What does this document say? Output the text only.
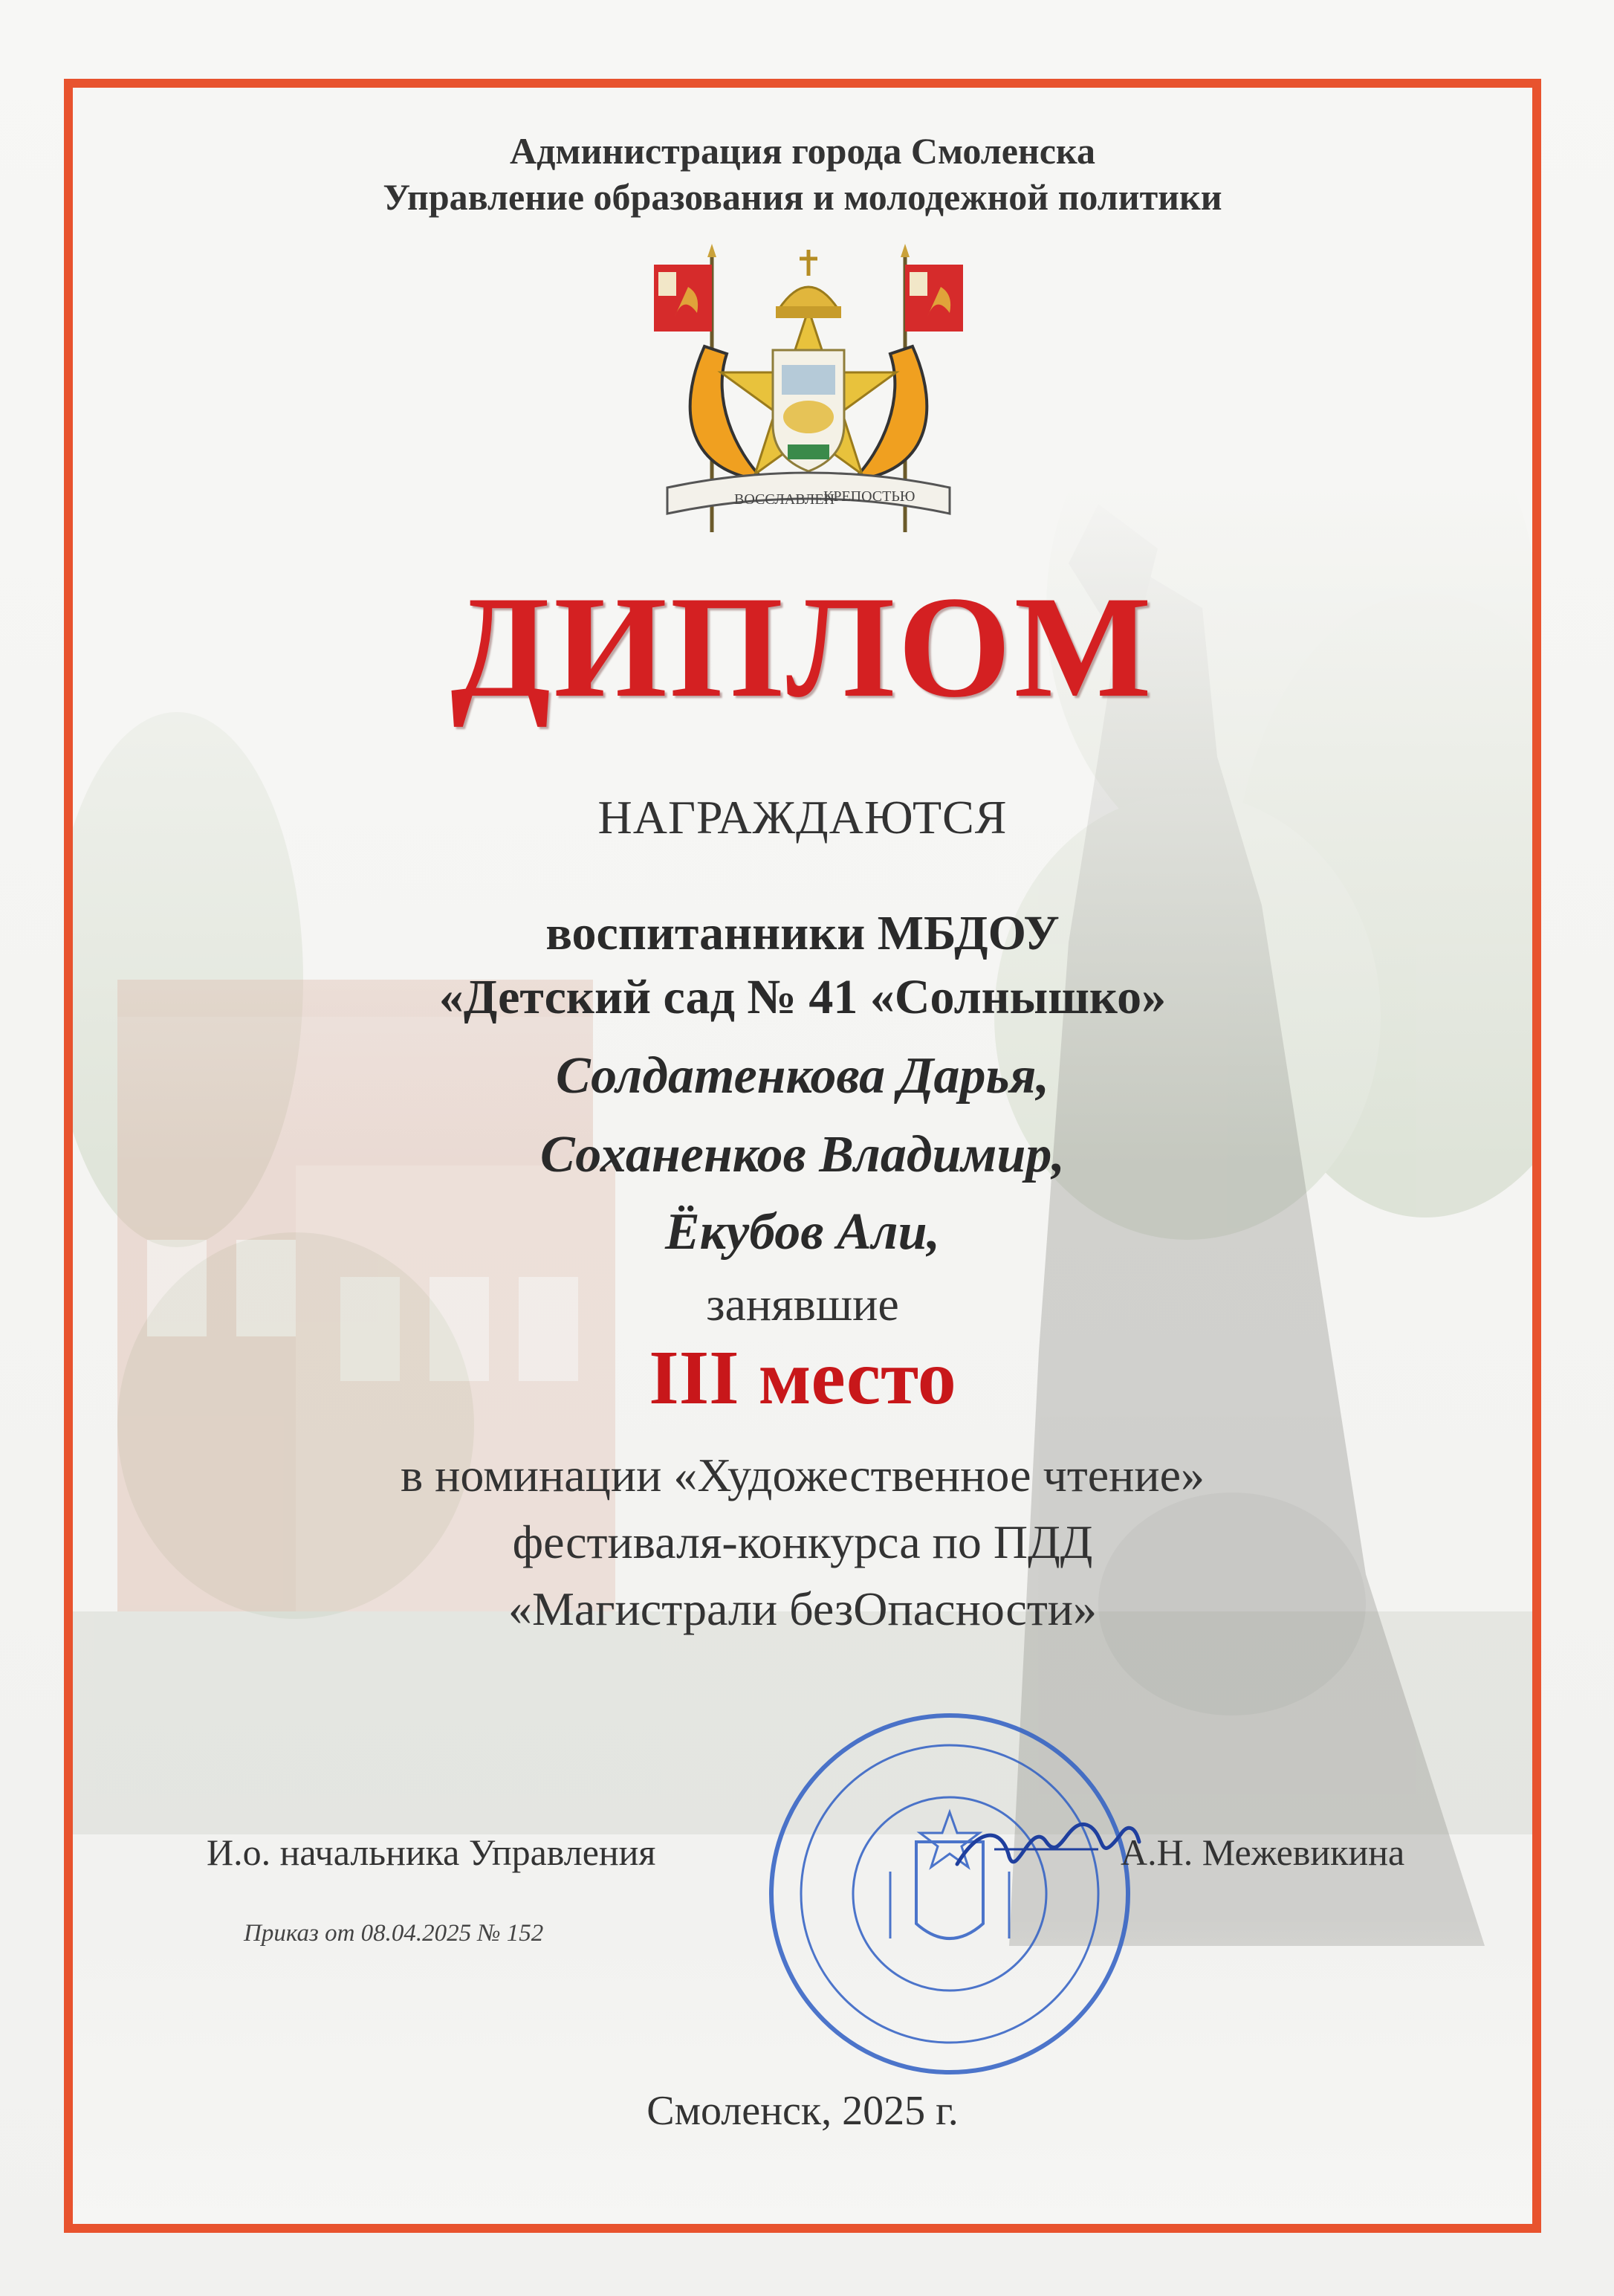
Администрация города Смоленска
Управление образования и молодежной политики
ДИПЛОМ
НАГРАЖДАЮТСЯ
воспитанники МБДОУ
«Детский сад № 41 «Солнышко»
Солдатенкова Дарья,
Соханенков Владимир,
Ёкубов Али,
занявшие
III место
в номинации «Художественное чтение»
фестиваля-конкурса по ПДД
«Магистрали безОпасности»
Смоленск, 2025 г.
ВОССЛАВЛЕН
КРЕПОСТЬЮ
И.о. начальника Управления	А.Н. Межевикина
Приказ от 08.04.2025 № 152
